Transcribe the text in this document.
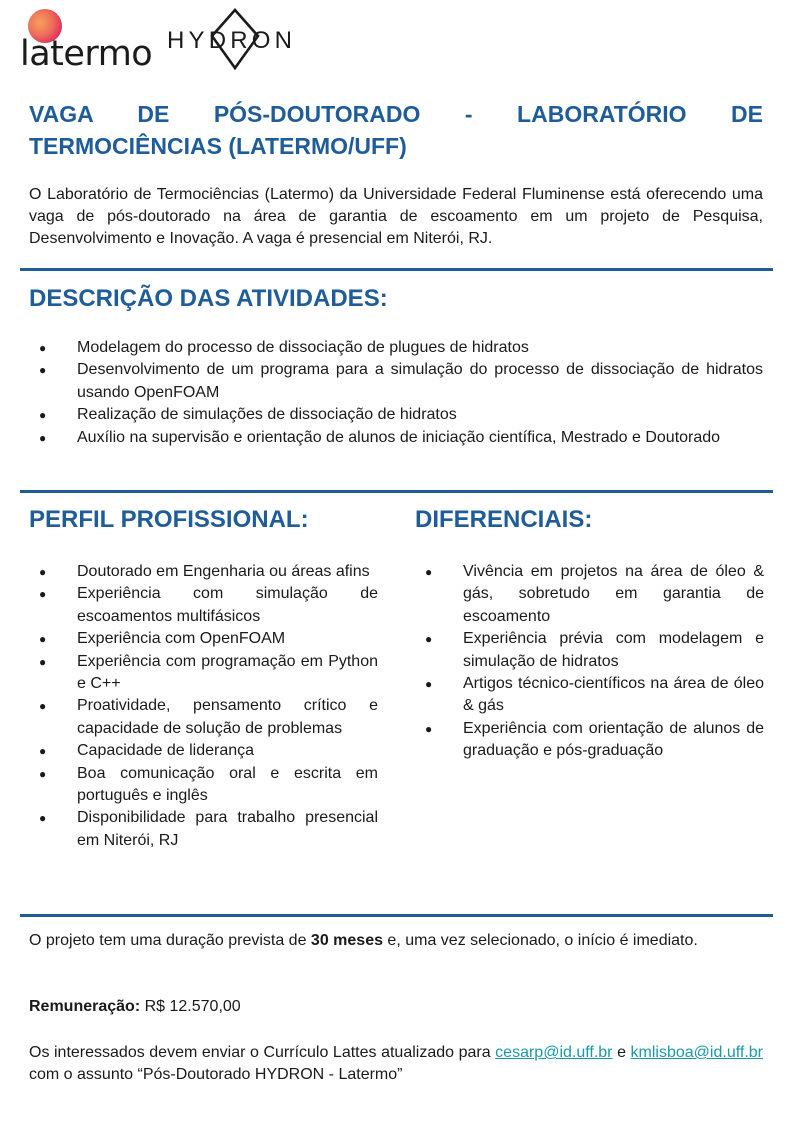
latermo HYDRON
VAGA DE PÓS-DOUTORADO - LABORATÓRIO DE TERMOCIÊNCIAS (LATERMO/UFF)

O Laboratório de Termociências (Latermo) da Universidade Federal Fluminense está oferecendo uma vaga de pós-doutorado na área de garantia de escoamento em um projeto de Pesquisa, Desenvolvimento e Inovação. A vaga é presencial em Niterói, RJ.

DESCRIÇÃO DAS ATIVIDADES:
● Modelagem do processo de dissociação de plugues de hidratos
● Desenvolvimento de um programa para a simulação do processo de dissociação de hidratos usando OpenFOAM
● Realização de simulações de dissociação de hidratos
● Auxílio na supervisão e orientação de alunos de iniciação científica, Mestrado e Doutorado
PERFIL PROFISSIONAL:
● Doutorado em Engenharia ou áreas afins
● Experiência com simulação de escoamentos multifásicos
● Experiência com OpenFOAM
● Experiência com programação em Python e C++
● Proatividade, pensamento crítico e capacidade de solução de problemas
● Capacidade de liderança
● Boa comunicação oral e escrita em português e inglês
● Disponibilidade para trabalho presencial em Niterói, RJ
DIFERENCIAIS:
● Vivência em projetos na área de óleo & gás, sobretudo em garantia de escoamento
● Experiência prévia com modelagem e simulação de hidratos
● Artigos técnico-científicos na área de óleo & gás
● Experiência com orientação de alunos de graduação e pós-graduação

O projeto tem uma duração prevista de 30 meses e, uma vez selecionado, o início é imediato.

Remuneração: R$ 12.570,00

Os interessados devem enviar o Currículo Lattes atualizado para cesarp@id.uff.br e kmlisboa@id.uff.br com o assunto “Pós-Doutorado HYDRON - Latermo”
